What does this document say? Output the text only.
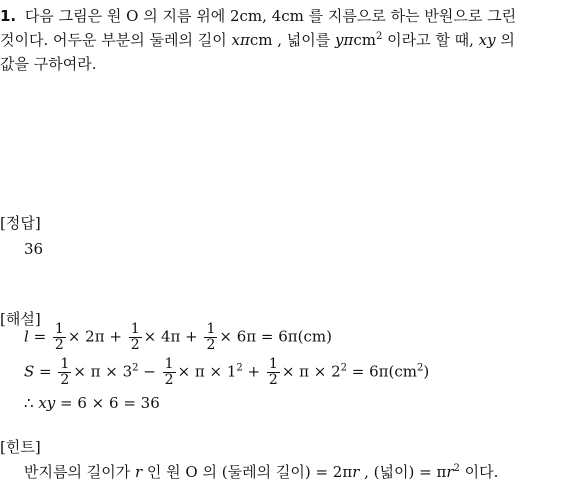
1. 다음 그림은 원 O 의 지름 위에 2cm, 4cm 를 지름으로 하는 반원으로 그린
것이다. 어두운 부분의 둘레의 길이 xπcm , 넓이를 yπcm$^2$ 이라고 할 때, xy 의
값을 구하여라.
[정답]
36
[해설]
$l = \frac{1}{2} \times 2\pi + \frac{1}{2} \times 4\pi + \frac{1}{2} \times 6\pi = 6\pi(cm)$
$S = \frac{1}{2} \times \pi \times 3^2 - \frac{1}{2} \times \pi \times 1^2 + \frac{1}{2} \times \pi \times 2^2 = 6\pi(cm^2)$
∴ xy = 6 × 6 = 36
[힌트]
반지름의 길이가 r 인 원 O 의 (둘레의 길이) = 2πr , (넓이) = $\pi r^2$ 이다.
